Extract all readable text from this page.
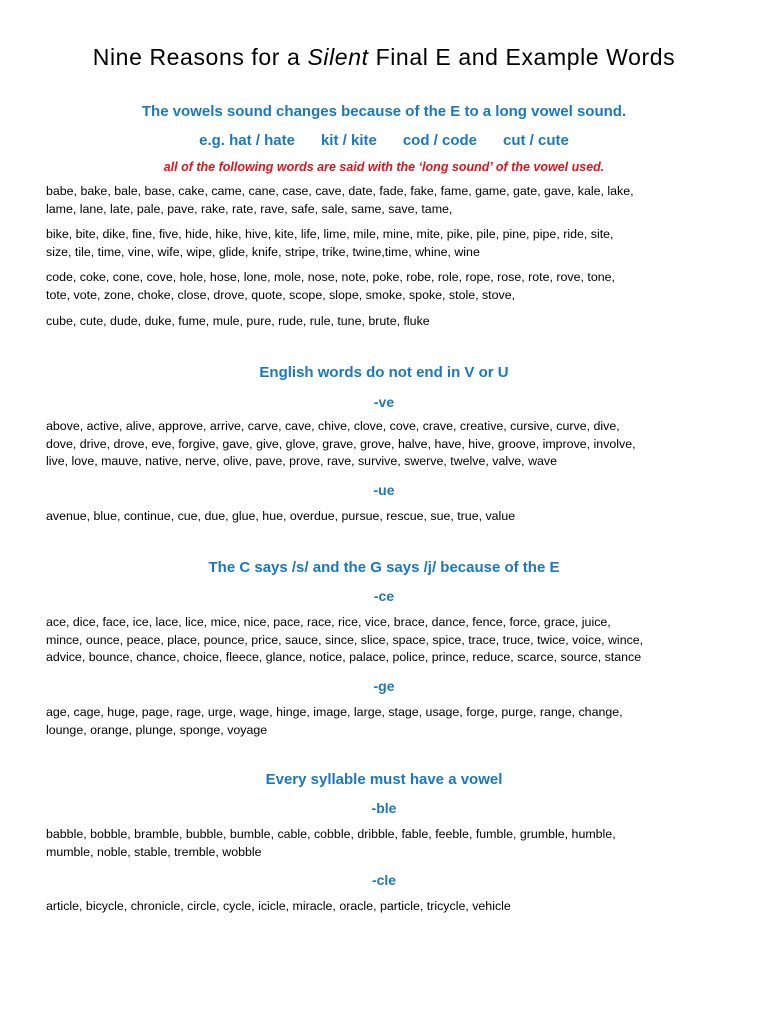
Nine Reasons for a Silent Final E and Example Words
The vowels sound changes because of the E to a long vowel sound.
e.g. hat / hate kit / kite cod / code cut / cute
all of the following words are said with the ‘long sound’ of the vowel used.
babe, bake, bale, base, cake, came, cane, case, cave, date, fade, fake, fame, game, gate, gave, kale, lake,
lame, lane, late, pale, pave, rake, rate, rave, safe, sale, same, save, tame,
bike, bite, dike, fine, five, hide, hike, hive, kite, life, lime, mile, mine, mite, pike, pile, pine, pipe, ride, site,
size, tile, time, vine, wife, wipe, glide, knife, stripe, trike, twine,time, whine, wine
code, coke, cone, cove, hole, hose, lone, mole, nose, note, poke, robe, role, rope, rose, rote, rove, tone,
tote, vote, zone, choke, close, drove, quote, scope, slope, smoke, spoke, stole, stove,
cube, cute, dude, duke, fume, mule, pure, rude, rule, tune, brute, fluke
English words do not end in V or U
-ve
above, active, alive, approve, arrive, carve, cave, chive, clove, cove, crave, creative, cursive, curve, dive,
dove, drive, drove, eve, forgive, gave, give, glove, grave, grove, halve, have, hive, groove, improve, involve,
live, love, mauve, native, nerve, olive, pave, prove, rave, survive, swerve, twelve, valve, wave
-ue
avenue, blue, continue, cue, due, glue, hue, overdue, pursue, rescue, sue, true, value
The C says /s/ and the G says /j/ because of the E
-ce
ace, dice, face, ice, lace, lice, mice, nice, pace, race, rice, vice, brace, dance, fence, force, grace, juice,
mince, ounce, peace, place, pounce, price, sauce, since, slice, space, spice, trace, truce, twice, voice, wince,
advice, bounce, chance, choice, fleece, glance, notice, palace, police, prince, reduce, scarce, source, stance
-ge
age, cage, huge, page, rage, urge, wage, hinge, image, large, stage, usage, forge, purge, range, change,
lounge, orange, plunge, sponge, voyage
Every syllable must have a vowel
-ble
babble, bobble, bramble, bubble, bumble, cable, cobble, dribble, fable, feeble, fumble, grumble, humble,
mumble, noble, stable, tremble, wobble
-cle
article, bicycle, chronicle, circle, cycle, icicle, miracle, oracle, particle, tricycle, vehicle
